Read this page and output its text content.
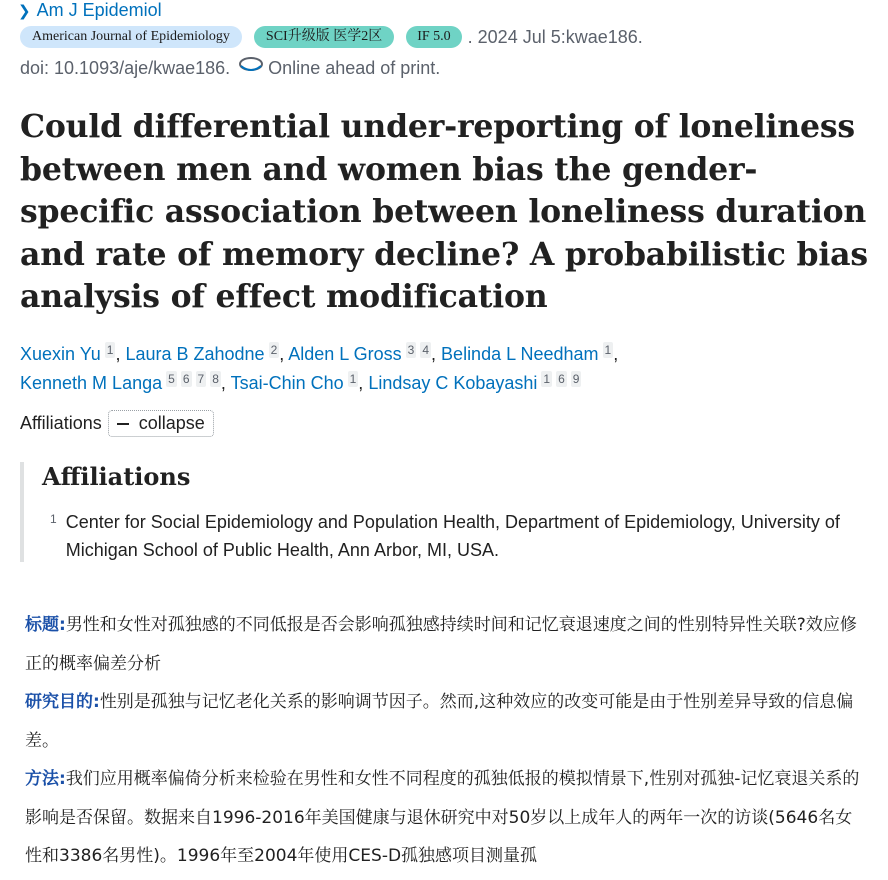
❯ Am J Epidemiol
American Journal of Epidemiology	SCI升级版 医学2区	IF 5.0 . 2024 Jul 5:kwae186.
doi: 10.1093/aje/kwae186. Online ahead of print.
Could differential under-reporting of loneliness between men and women bias the gender-specific association between loneliness duration and rate of memory decline? A probabilistic bias analysis of effect modification
Xuexin Yu $^1$ , Laura B Zahodne $^2$ , Alden L Gross $^3$ $^4$ , Belinda L Needham $^1$ ,
Kenneth M Langa $^5$ $^6$ $^7$ $^8$ , Tsai-Chin Cho $^1$ , Lindsay C Kobayashi $^1$ $^6$ $^9$
Affiliations collapse
Affiliations
1 Center for Social Epidemiology and Population Health, Department of Epidemiology, University of Michigan School of Public Health, Ann Arbor, MI, USA.

标题:男性和女性对孤独感的不同低报是否会影响孤独感持续时间和记忆衰退速度之间的性别特异性关联?效应修正的概率偏差分析

研究目的:性别是孤独与记忆老化关系的影响调节因子。然而,这种效应的改变可能是由于性别差异导致的信息偏差。

方法:我们应用概率偏倚分析来检验在男性和女性不同程度的孤独低报的模拟情景下,性别对孤独-记忆衰退关系的影响是否保留。数据来自1996-2016年美国健康与退休研究中对50岁以上成年人的两年一次的访谈(5646名女性和3386名男性)。1996年至2004年使用CES-D孤独感项目测量孤
